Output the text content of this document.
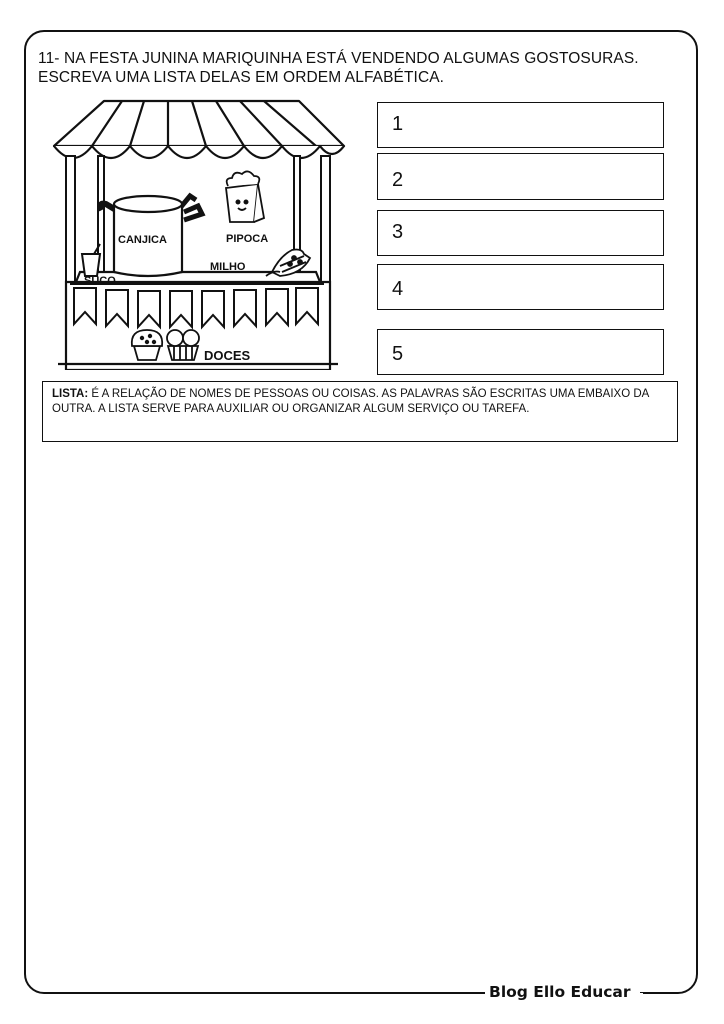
11- NA FESTA JUNINA MARIQUINHA ESTÁ VENDENDO ALGUMAS GOSTOSURAS. ESCREVA UMA LISTA DELAS EM ORDEM ALFABÉTICA.

CANJICA	PIPOCA
MILHO
SUCO
DOCES
1
2
3
4
5
LISTA: É A RELAÇÃO DE NOMES DE PESSOAS OU COISAS. AS PALAVRAS SÃO ESCRITAS UMA EMBAIXO DA OUTRA. A LISTA SERVE PARA AUXILIAR OU ORGANIZAR ALGUM SERVIÇO OU TAREFA.
Blog Ello Educar
